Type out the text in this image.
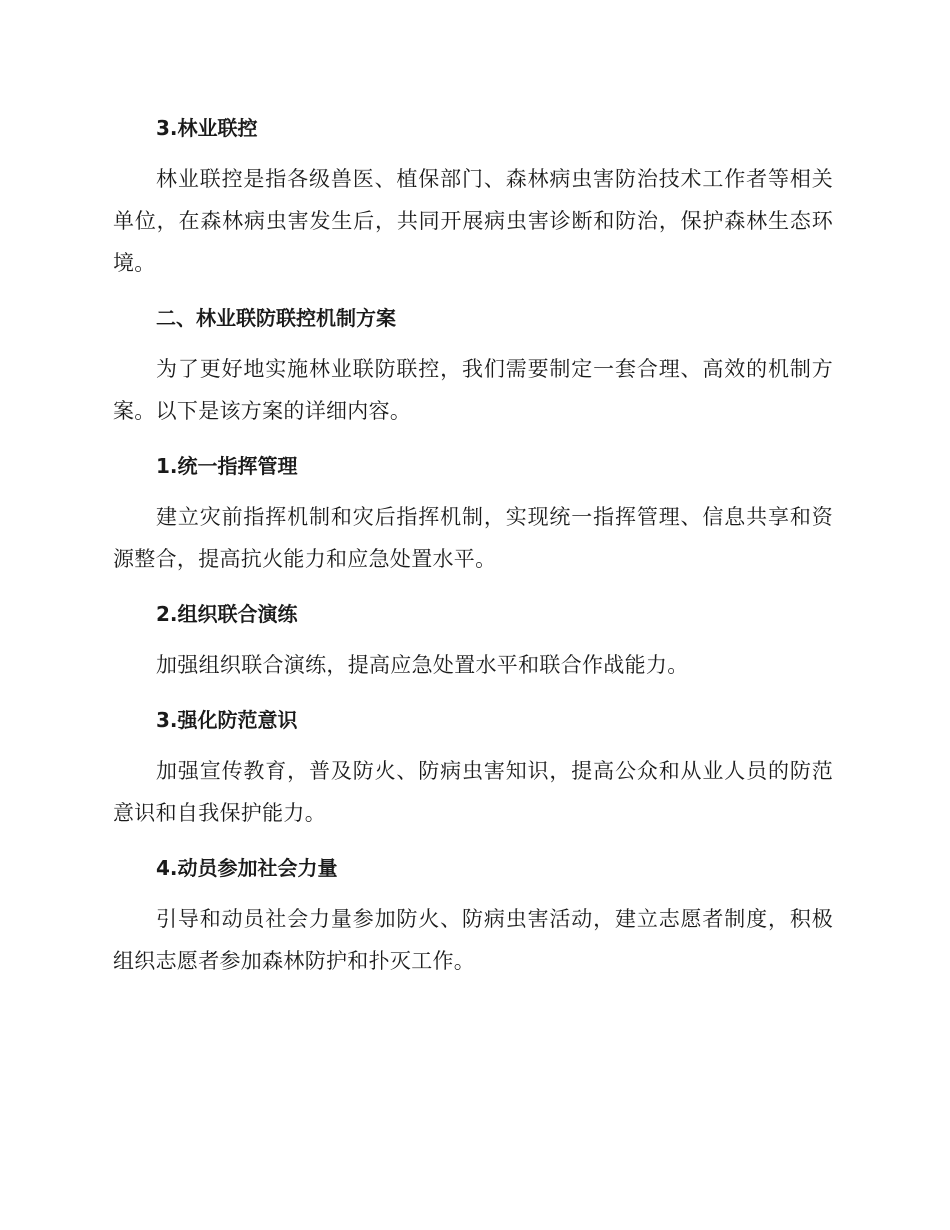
3.林业联控

林业联控是指各级兽医、植保部门、森林病虫害防治技术工作者等相关单位，在森林病虫害发生后，共同开展病虫害诊断和防治，保护森林生态环境。

二、林业联防联控机制方案

为了更好地实施林业联防联控，我们需要制定一套合理、高效的机制方案。以下是该方案的详细内容。

1.统一指挥管理

建立灾前指挥机制和灾后指挥机制，实现统一指挥管理、信息共享和资源整合，提高抗火能力和应急处置水平。

2.组织联合演练

加强组织联合演练，提高应急处置水平和联合作战能力。

3.强化防范意识

加强宣传教育，普及防火、防病虫害知识，提高公众和从业人员的防范意识和自我保护能力。

4.动员参加社会力量

引导和动员社会力量参加防火、防病虫害活动，建立志愿者制度，积极组织志愿者参加森林防护和扑灭工作。
